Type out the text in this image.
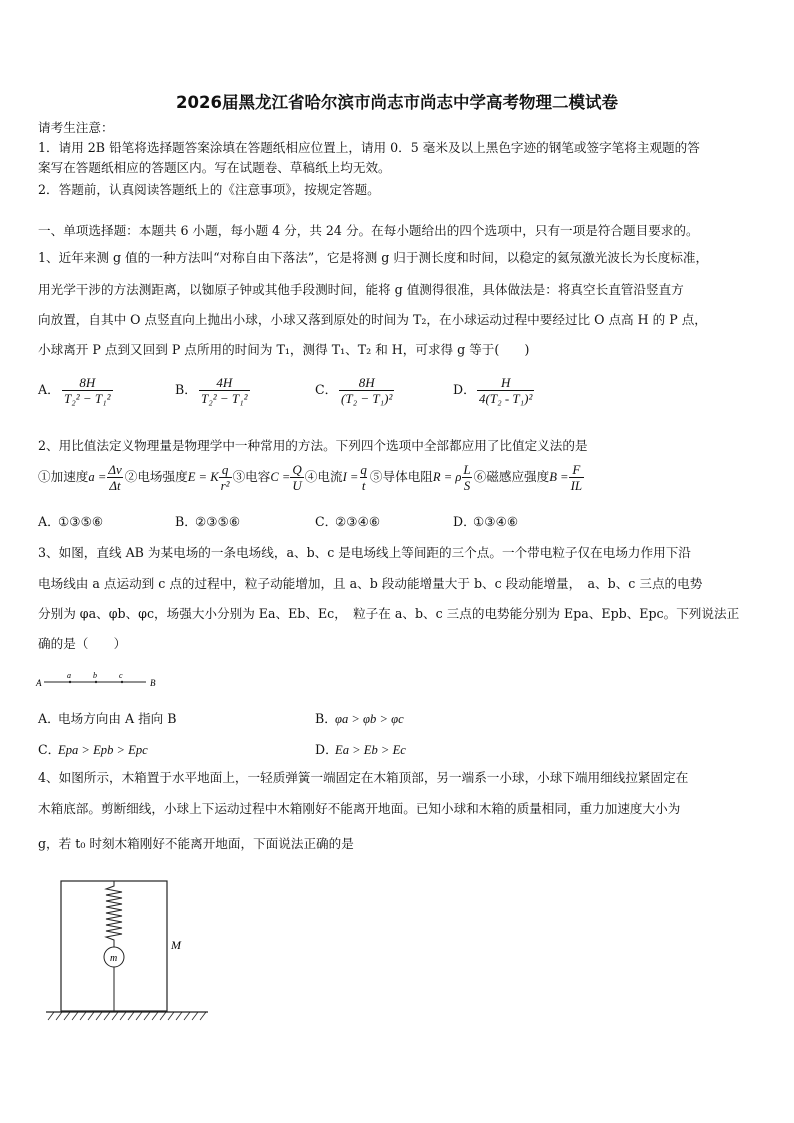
2026届黑龙江省哈尔滨市尚志市尚志中学高考物理二模试卷
请考生注意：
1．请用 2B 铅笔将选择题答案涂填在答题纸相应位置上，请用 0．5 毫米及以上黑色字迹的钢笔或签字笔将主观题的答
案写在答题纸相应的答题区内。写在试题卷、草稿纸上均无效。
2．答题前，认真阅读答题纸上的《注意事项》，按规定答题。
一、单项选择题：本题共 6 小题，每小题 4 分，共 24 分。在每小题给出的四个选项中，只有一项是符合题目要求的。
1、近年来测 g 值的一种方法叫“对称自由下落法”，它是将测 g 归于测长度和时间，以稳定的氦氖激光波长为长度标准，
用光学干涉的方法测距离，以铷原子钟或其他手段测时间，能将 g 值测得很准，具体做法是：将真空长直管沿竖直方
向放置，自其中 O 点竖直向上抛出小球，小球又落到原处的时间为 T₂，在小球运动过程中要经过比 O 点高 H 的 P 点，
小球离开 P 点到又回到 P 点所用的时间为 T₁，测得 T₁、T₂ 和 H，可求得 g 等于(　　)
A． $\frac{8H}{\text{T₂² − T₁²}}$	B． $\frac{4H}{\text{T₂² − T₁²}}$	C． $\frac{8H}{\text{(T₂ − T₁)²}}$	D． $\frac{H}{\text{4(T₂ - T₁)²}}$
2、用比值法定义物理量是物理学中一种常用的方法。下列四个选项中全部都应用了比值定义法的是
①加速度$a = \frac{\Delta v}{\Delta t}$ ②电场强度E = K $\frac{q}{\text{r²}}$ ③电容$C = \frac{Q}{U}$ ④电流$I = \frac{q}{t}$ ⑤导体电阻R = ρ $\frac{L}{S}$ ⑥磁感应强度$B = \frac{F}{IL}$
A．①③⑤⑥	B．②③⑤⑥	C．②③④⑥	D．①③④⑥
3、如图，直线 AB 为某电场的一条电场线，a、b、c 是电场线上等间距的三个点。一个带电粒子仅在电场力作用下沿
电场线由 a 点运动到 c 点的过程中，粒子动能增加，且 a、b 段动能增量大于 b、c 段动能增量，　a、b、c 三点的电势
分别为 φa、φb、φc，场强大小分别为 Ea、Eb、Ec，　粒子在 a、b、c 三点的电势能分别为 Epa、Epb、Epc。下列说法正
确的是（　　）
A
a	b	c
B
A．电场方向由 A 指向 B	B．φa > φb > φc
C．Epa > Epb > Epc	D．Ea > Eb > Ec
4、如图所示，木箱置于水平地面上，一轻质弹簧一端固定在木箱顶部，另一端系一小球，小球下端用细线拉紧固定在
木箱底部。剪断细线，小球上下运动过程中木箱刚好不能离开地面。已知小球和木箱的质量相同，重力加速度大小为
g，若 t₀ 时刻木箱刚好不能离开地面，下面说法正确的是
m
M
